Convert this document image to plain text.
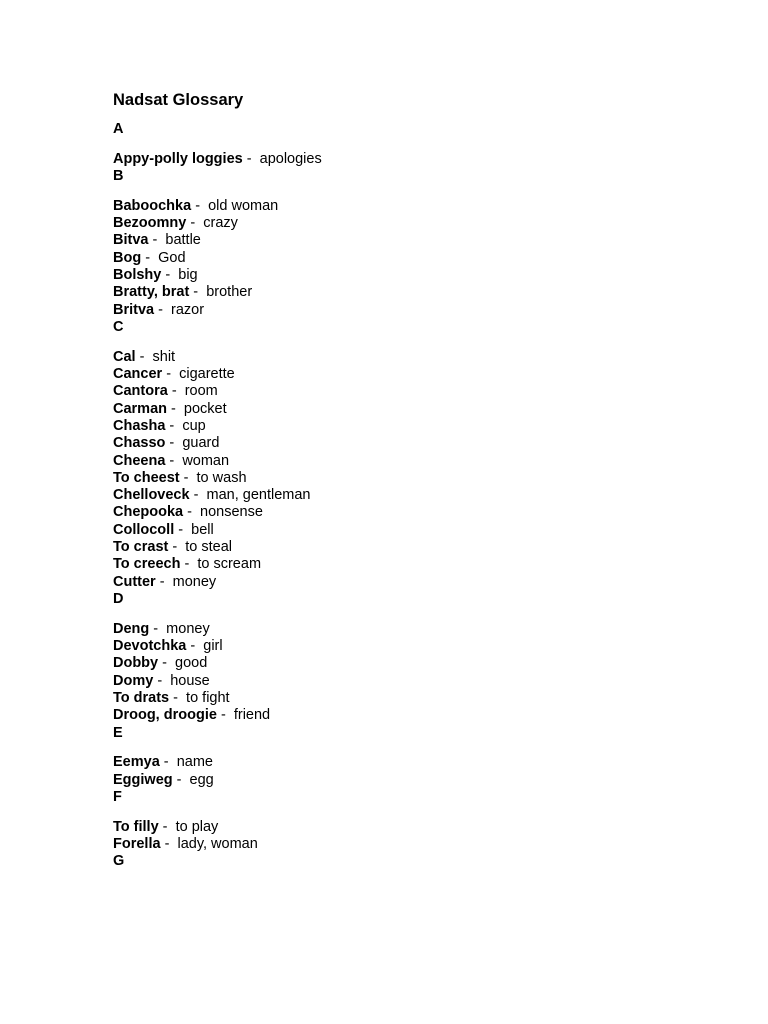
Nadsat Glossary
A
Appy-polly loggies -  apologies
B
Baboochka -  old woman
Bezoomny -  crazy
Bitva -  battle
Bog -  God
Bolshy -  big
Bratty, brat -  brother
Britva -  razor
C
Cal -  shit
Cancer -  cigarette
Cantora -  room
Carman -  pocket
Chasha -  cup
Chasso -  guard
Cheena -  woman
To cheest -  to wash
Chelloveck -  man, gentleman
Chepooka -  nonsense
Collocoll -  bell
To crast -  to steal
To creech -  to scream
Cutter -  money
D
Deng -  money
Devotchka -  girl
Dobby -  good
Domy -  house
To drats -  to fight
Droog, droogie -  friend
E
Eemya -  name
Eggiweg -  egg
F
To filly -  to play
Forella -  lady, woman
G
